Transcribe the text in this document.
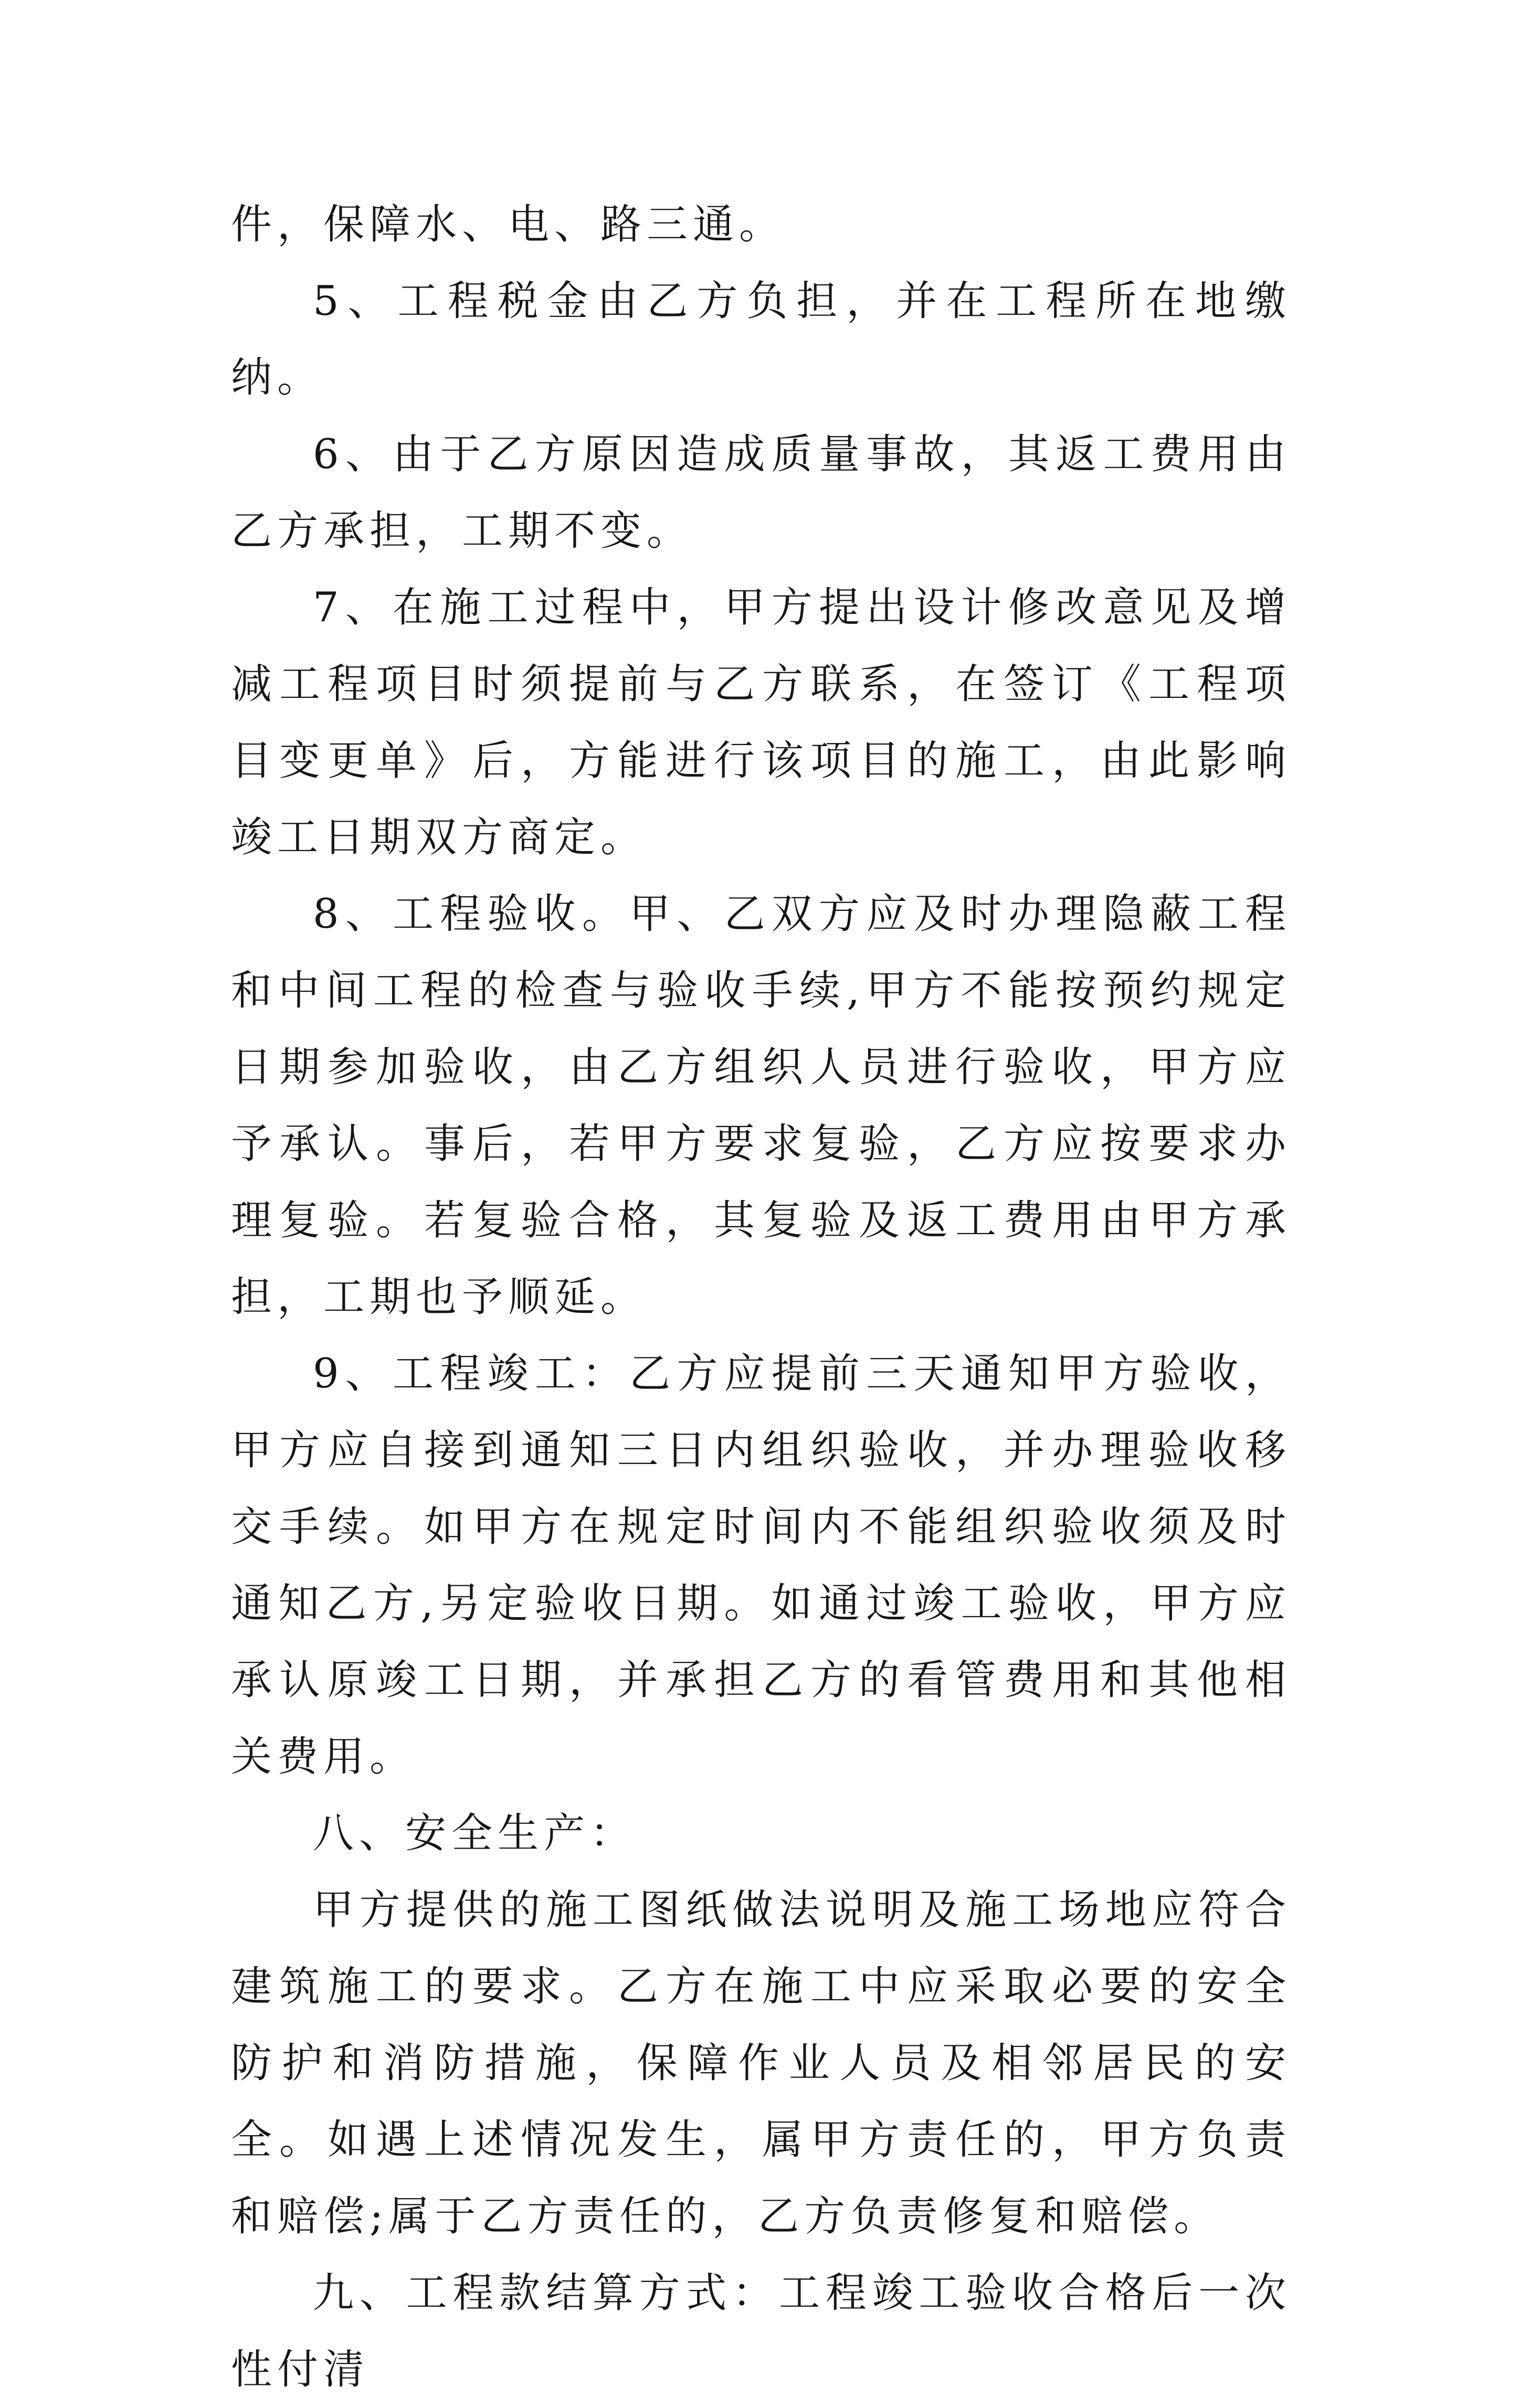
件，保障水、电、路三通。

5、工程税金由乙方负担，并在工程所在地缴纳。

6、由于乙方原因造成质量事故，其返工费用由乙方承担，工期不变。

7、在施工过程中，甲方提出设计修改意见及增减工程项目时须提前与乙方联系，在签订《工程项目变更单》后，方能进行该项目的施工，由此影响竣工日期双方商定。

8、工程验收。甲、乙双方应及时办理隐蔽工程和中间工程的检查与验收手续,甲方不能按预约规定日期参加验收，由乙方组织人员进行验收，甲方应予承认。事后，若甲方要求复验，乙方应按要求办理复验。若复验合格，其复验及返工费用由甲方承担，工期也予顺延。

9、工程竣工：乙方应提前三天通知甲方验收，甲方应自接到通知三日内组织验收，并办理验收移交手续。如甲方在规定时间内不能组织验收须及时通知乙方,另定验收日期。如通过竣工验收，甲方应承认原竣工日期，并承担乙方的看管费用和其他相关费用。

八、安全生产：

甲方提供的施工图纸做法说明及施工场地应符合建筑施工的要求。乙方在施工中应采取必要的安全防护和消防措施，保障作业人员及相邻居民的安全。如遇上述情况发生，属甲方责任的，甲方负责和赔偿;属于乙方责任的，乙方负责修复和赔偿。

九、工程款结算方式：工程竣工验收合格后一次性付清
